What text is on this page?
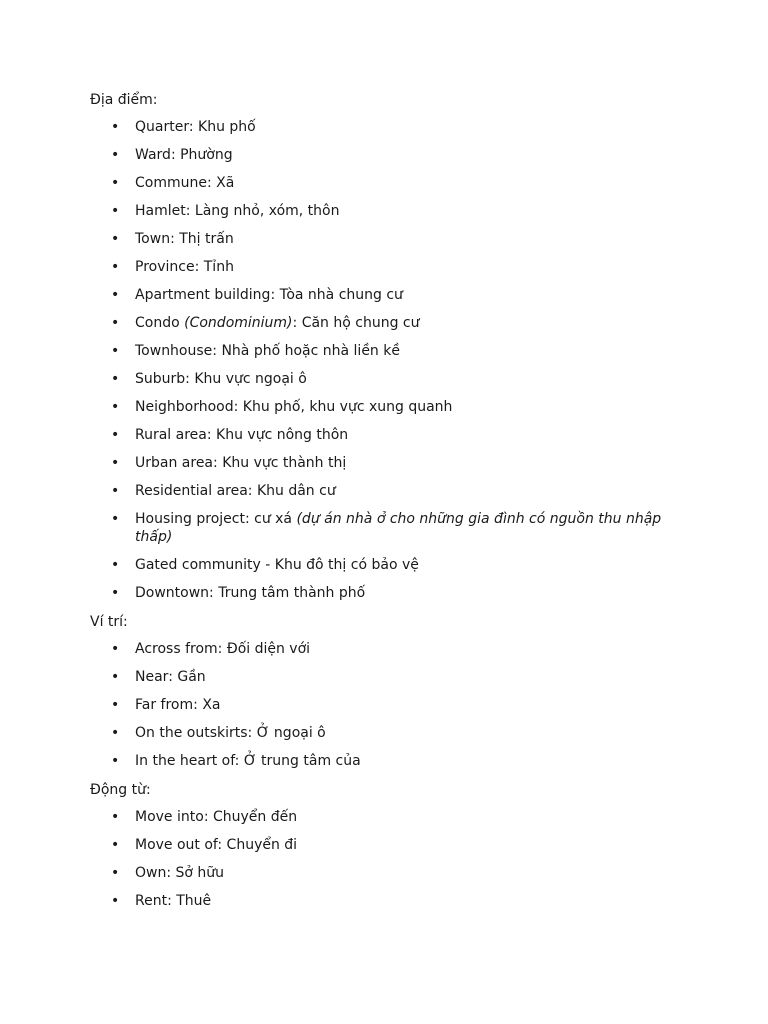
Địa điểm:

• Quarter: Khu phố
• Ward: Phường
• Commune: Xã
• Hamlet: Làng nhỏ, xóm, thôn
• Town: Thị trấn
• Province: Tỉnh
• Apartment building: Tòa nhà chung cư
• Condo (Condominium): Căn hộ chung cư
• Townhouse: Nhà phố hoặc nhà liền kề
• Suburb: Khu vực ngoại ô
• Neighborhood: Khu phố, khu vực xung quanh
• Rural area: Khu vực nông thôn
• Urban area: Khu vực thành thị
• Residential area: Khu dân cư
• Housing project: cư xá (dự án nhà ở cho những gia đình có nguồn thu nhập thấp)
• Gated community - Khu đô thị có bảo vệ
• Downtown: Trung tâm thành phố

Ví trí:

• Across from: Đối diện với
• Near: Gần
• Far from: Xa
• On the outskirts: Ở ngoại ô
• In the heart of: Ở trung tâm của

Động từ:

• Move into: Chuyển đến
• Move out of: Chuyển đi
• Own: Sở hữu
• Rent: Thuê
